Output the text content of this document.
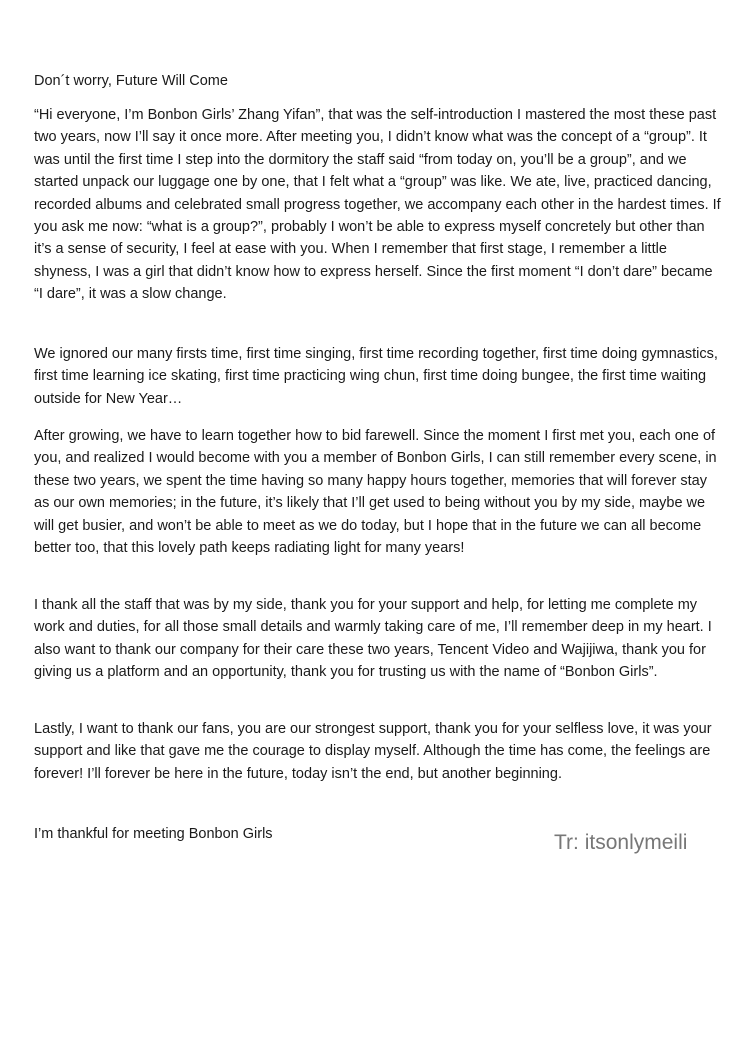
Don´t worry, Future Will Come

“Hi everyone, I’m Bonbon Girls’ Zhang Yifan”, that was the self-introduction I mastered the most these past two years, now I’ll say it once more. After meeting you, I didn’t know what was the concept of a “group”. It was until the first time I step into the dormitory the staff said “from today on, you’ll be a group”, and we started unpack our luggage one by one, that I felt what a “group” was like. We ate, live, practiced dancing, recorded albums and celebrated small progress together, we accompany each other in the hardest times. If you ask me now: “what is a group?”, probably I won’t be able to express myself concretely but other than it’s a sense of security, I feel at ease with you. When I remember that first stage, I remember a little shyness, I was a girl that didn’t know how to express herself. Since the first moment “I don’t dare” became “I dare”, it was a slow change.

We ignored our many firsts time, first time singing, first time recording together, first time doing gymnastics, first time learning ice skating, first time practicing wing chun, first time doing bungee, the first time waiting outside for New Year…

After growing, we have to learn together how to bid farewell. Since the moment I first met you, each one of you, and realized I would become with you a member of Bonbon Girls, I can still remember every scene, in these two years, we spent the time having so many happy hours together, memories that will forever stay as our own memories; in the future, it’s likely that I’ll get used to being without you by my side, maybe we will get busier, and won’t be able to meet as we do today, but I hope that in the future we can all become better too, that this lovely path keeps radiating light for many years!

I thank all the staff that was by my side, thank you for your support and help, for letting me complete my work and duties, for all those small details and warmly taking care of me, I’ll remember deep in my heart. I also want to thank our company for their care these two years, Tencent Video and Wajijiwa, thank you for giving us a platform and an opportunity, thank you for trusting us with the name of “Bonbon Girls”.

Lastly, I want to thank our fans, you are our strongest support, thank you for your selfless love, it was your support and like that gave me the courage to display myself. Although the time has come, the feelings are forever! I’ll forever be here in the future, today isn’t the end, but another beginning.

I’m thankful for meeting Bonbon Girls	Tr: itsonlymeili
